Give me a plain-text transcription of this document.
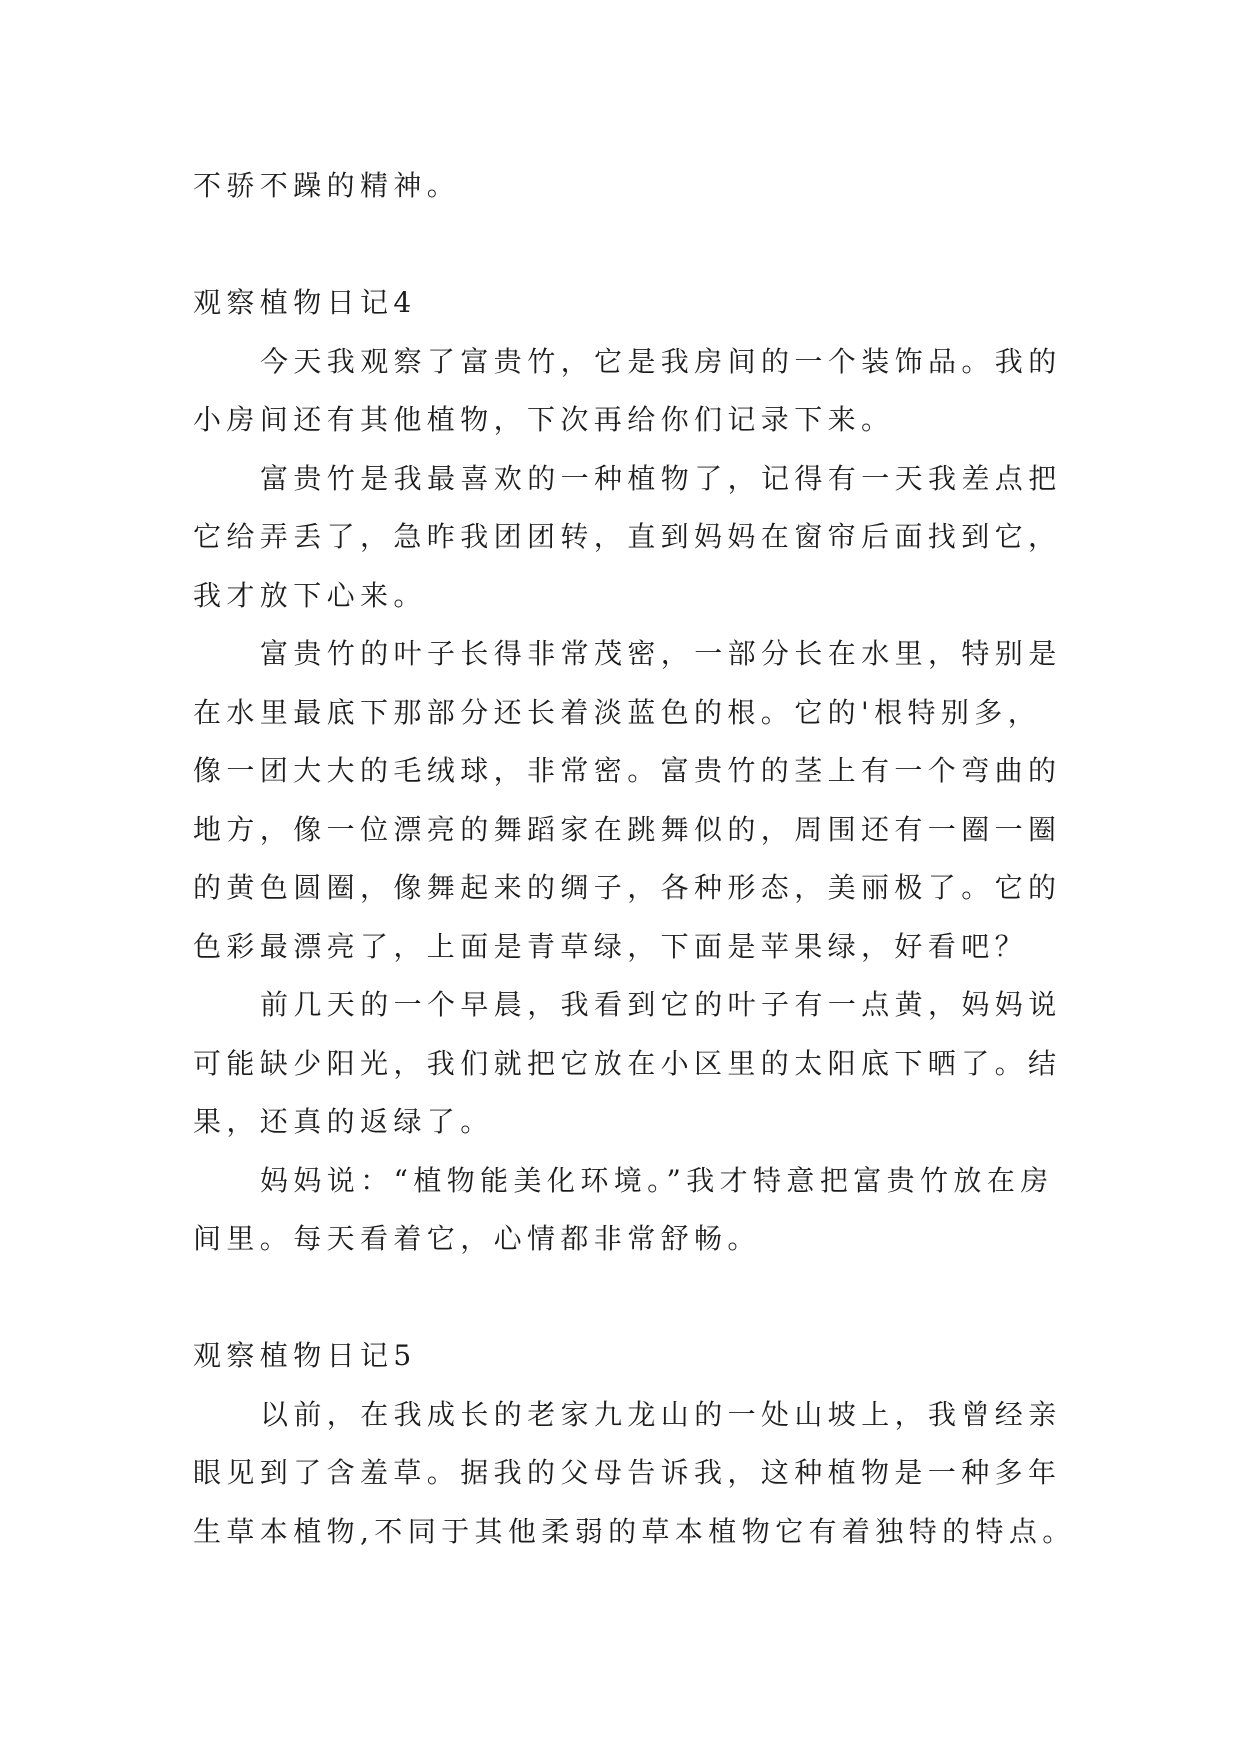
不骄不躁的精神。
观察植物日记4
今天我观察了富贵竹，它是我房间的一个装饰品。我的
小房间还有其他植物，下次再给你们记录下来。
富贵竹是我最喜欢的一种植物了，记得有一天我差点把
它给弄丢了，急昨我团团转，直到妈妈在窗帘后面找到它，
我才放下心来。
富贵竹的叶子长得非常茂密，一部分长在水里，特别是
在水里最底下那部分还长着淡蓝色的根。它的'根特别多，
像一团大大的毛绒球，非常密。富贵竹的茎上有一个弯曲的
地方，像一位漂亮的舞蹈家在跳舞似的，周围还有一圈一圈
的黄色圆圈，像舞起来的绸子，各种形态，美丽极了。它的
色彩最漂亮了，上面是青草绿，下面是苹果绿，好看吧？
前几天的一个早晨，我看到它的叶子有一点黄，妈妈说
可能缺少阳光，我们就把它放在小区里的太阳底下晒了。结
果，还真的返绿了。
妈妈说：“植物能美化环境。”我才特意把富贵竹放在房
间里。每天看着它，心情都非常舒畅。
观察植物日记5
以前，在我成长的老家九龙山的一处山坡上，我曾经亲
眼见到了含羞草。据我的父母告诉我，这种植物是一种多年
生草本植物,不同于其他柔弱的草本植物它有着独特的特点。
